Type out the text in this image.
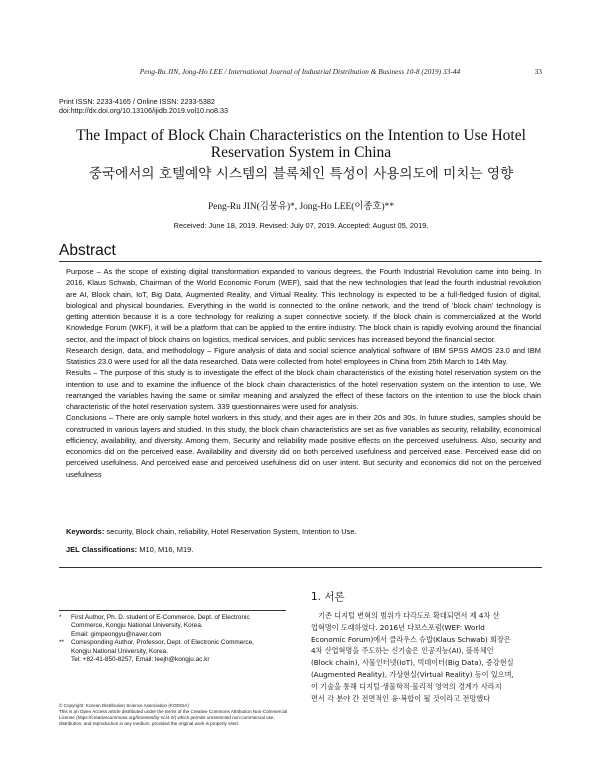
Peng-Ru JIN, Jong-Ho LEE / International Journal of Industrial Distribution & Business 10-8 (2019) 33-44	33
Print ISSN: 2233-4165 / Online ISSN: 2233-5382
doi:http://dx.doi.org/10.13106/ijidb.2019.vol10.no8.33
The Impact of Block Chain Characteristics on the Intention to Use Hotel
Reservation System in China
중국에서의 호텔예약 시스템의 블록체인 특성이 사용의도에 미치는 영향
Peng-Ru JIN(김붕유)*, Jong-Ho LEE(이종호)**
Received: June 18, 2019. Revised: July 07, 2019. Accepted: August 05, 2019.
Abstract

Purpose – As the scope of existing digital transformation expanded to various degrees, the Fourth Industrial Revolution came into being. In 2016, Klaus Schwab, Chairman of the World Economic Forum (WEF), said that the new technologies that lead the fourth industrial revolution are AI, Block chain, IoT, Big Data, Augmented Reality, and Virtual Reality. This technology is expected to be a full-fledged fusion of digital, biological and physical boundaries. Everything in the world is connected to the online network, and the trend of 'block chain' technology is getting attention because it is a core technology for realizing a super connective society. If the block chain is commercialized at the World Knowledge Forum (WKF), it will be a platform that can be applied to the entire industry. The block chain is rapidly evolving around the financial sector, and the impact of block chains on logistics, medical services, and public services has increased beyond the financial sector.

Research design, data, and methodology – Figure analysis of data and social science analytical software of IBM SPSS AMOS 23.0 and IBM Statistics 23.0 were used for all the data researched. Data were collected from hotel employees in China from 25th March to 14th May.

Results – The purpose of this study is to investigate the effect of the block chain characteristics of the existing hotel reservation system on the intention to use and to examine the influence of the block chain characteristics of the hotel reservation system on the intention to use, We rearranged the variables having the same or similar meaning and analyzed the effect of these factors on the intention to use the block chain characteristic of the hotel reservation system. 339 questionnaires were used for analysis.

Conclusions – There are only sample hotel workers in this study, and their ages are in their 20s and 30s. In future studies, samples should be constructed in various layers and studied. In this study, the block chain characteristics are set as five variables as security, reliability, economical efficiency, availability, and diversity. Among them, Security and reliability made positive effects on the perceived usefulness. Also, security and economics did on the perceived ease. Availability and diversity did on both perceived usefulness and perceived ease. Perceived ease did on perceived usefulness. And perceived ease and perceived usefulness did on user intent. But security and economics did not on the perceived usefulness

Keywords: security, Block chain, reliability, Hotel Reservation System, Intention to Use.
JEL Classifications: M10, M16, M19.
1. 서론
　기존 디지털 변혁의 범위가 다각도로 확대되면서 제 4차 산
업혁명이 도래하였다. 2016년 다보스포럼(WEF: World
Economic Forum)에서 클라우스 슈밥(Klaus Schwab) 회장은
4차 산업혁명을 주도하는 신기술은 인공지능(AI), 블록체인
(Block chain), 사물인터넷(IoT), 빅데이터(Big Data), 증강현실
(Augmented Reality), 가상현실(Virtual Reality) 등이 있으며,
이 기술을 통해 디지털·생물학적·물리적 영역의 경계가 사라지
면서 각 분야 간 전면적인 융·복합이 될 것이라고 전망했다
*	First Author, Ph. D. student of E-Commerce, Dept. of Electronic
Commerce, Kongju National University, Korea.
Email: gimpeongyu@naver.com
**	Corresponding Author, Professor, Dept. of Electronic Commerce,
Kongju National University, Korea.
Tel: +82-41-850-8257, Email: leejh@kongju.ac.kr
© Copyright: Korean Distribution Science Association (KODISA)
This is an Open Access article distributed under the terms of the Creative Commons Attribution Non-Commercial License (https://creativecommons.org/licenses/by-nc/4.0/) which permits unrestricted non-commercial use, distribution, and reproduction in any medium, provided the original work is properly cited.
